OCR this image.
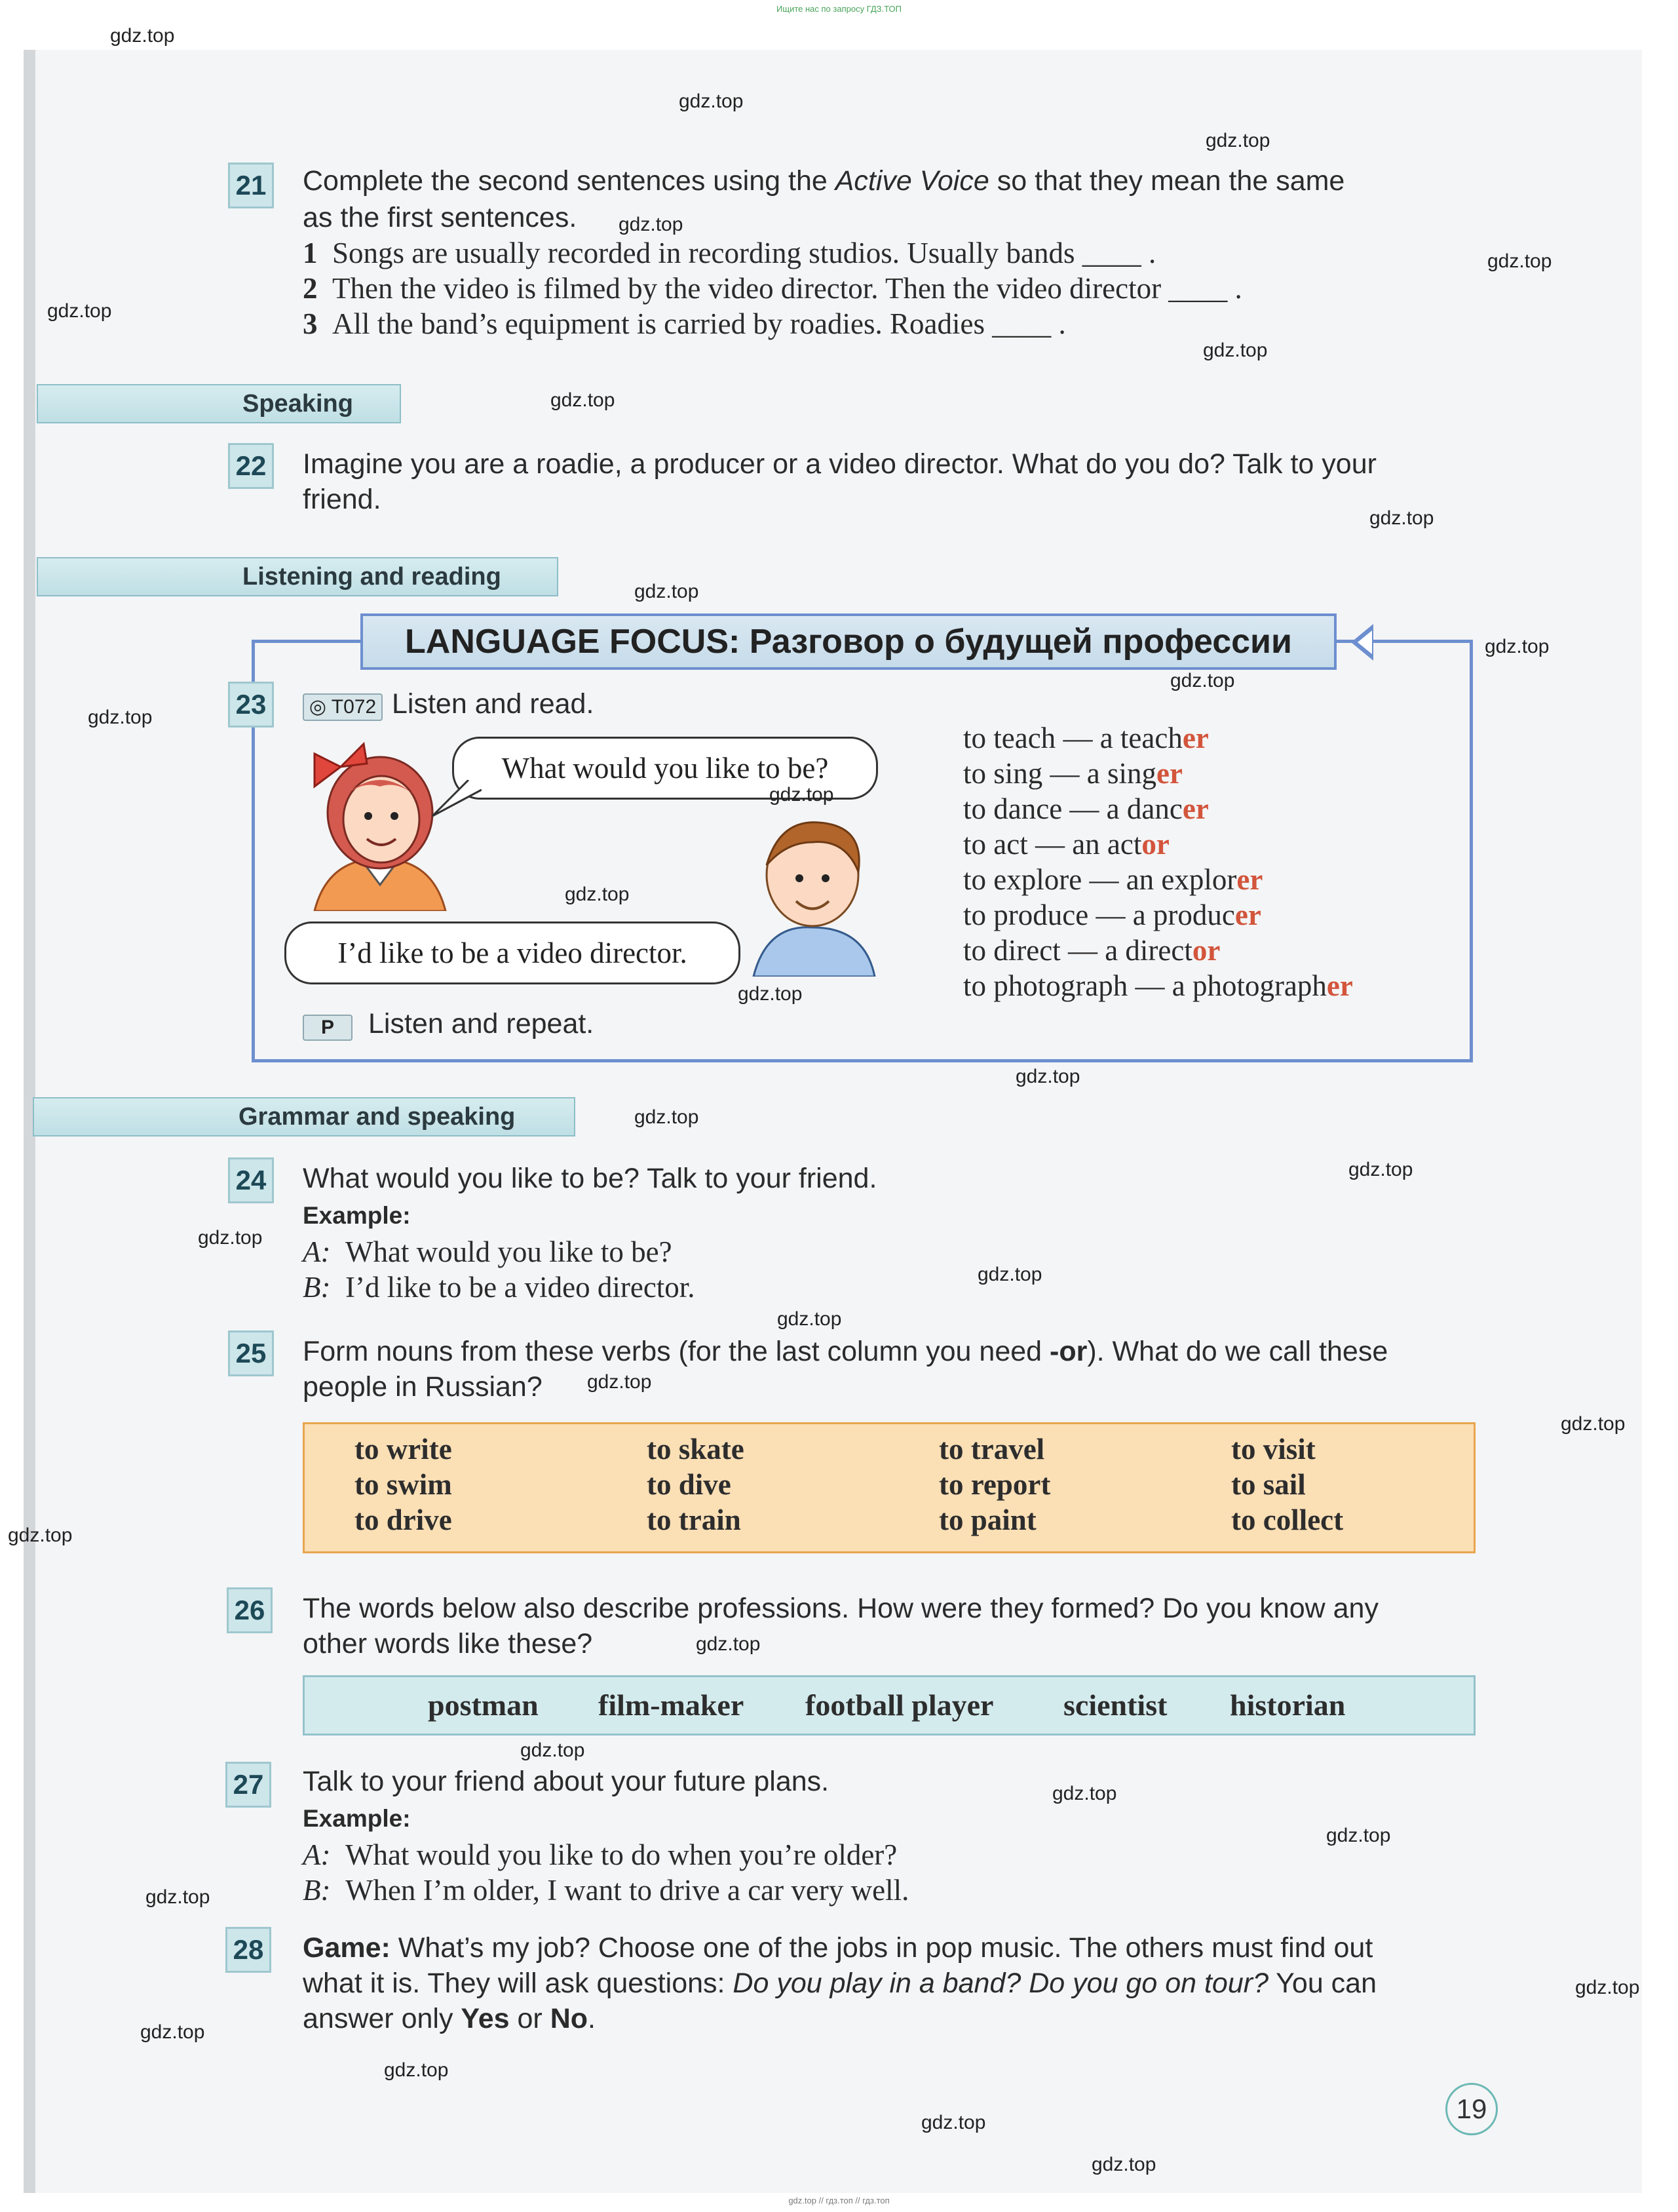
Ищите нас по запросу ГДЗ.ТОП
21 Complete the second sentences using the Active Voice so that they mean the same
as the first sentences.
1 Songs are usually recorded in recording studios. Usually bands ____ .
2 Then the video is filmed by the video director. Then the video director ____ .
3 All the band’s equipment is carried by roadies. Roadies ____ .
Speaking
22 Imagine you are a roadie, a producer or a video director. What do you do? Talk to your
friend.
Listening and reading
LANGUAGE FOCUS: Разговор о будущей профессии
23	◎ T072 Listen and read.
What would you like to be?
I’d like to be a video director.
P	Listen and repeat.
to teach — a teacher
to sing — a singer
to dance — a dancer
to act — an actor
to explore — an explorer
to produce — a producer
to direct — a director
to photograph — a photographer
Grammar and speaking
24 What would you like to be? Talk to your friend.
Example:
A: What would you like to be?
B: I’d like to be a video director.
25 Form nouns from these verbs (for the last column you need -or). What do we call these
people in Russian?
to write
to swim
to drive
to skate
to dive
to train
to travel
to report
to paint
to visit
to sail
to collect
26 The words below also describe professions. How were they formed? Do you know any
other words like these?
postman film-maker football player scientist historian
27 Talk to your friend about your future plans.
Example:
A: What would you like to do when you’re older?
B: When I’m older, I want to drive a car very well.
28 Game: What’s my job? Choose one of the jobs in pop music. The others must find out
what it is. They will ask questions: Do you play in a band? Do you go on tour? You can
answer only Yes or No.
19
gdz.top
gdz.top
gdz.top
gdz.top
gdz.top
gdz.top
gdz.top
gdz.top
gdz.top
gdz.top
gdz.top
gdz.top
gdz.top
gdz.top
gdz.top
gdz.top
gdz.top
gdz.top
gdz.top
gdz.top
gdz.top
gdz.top
gdz.top
gdz.top
gdz.top
gdz.top
gdz.top
gdz.top
gdz.top
gdz.top
gdz.top
gdz.top
gdz.top
gdz.top
gdz.top
gdz.top // гдз.топ // гдз.топ
